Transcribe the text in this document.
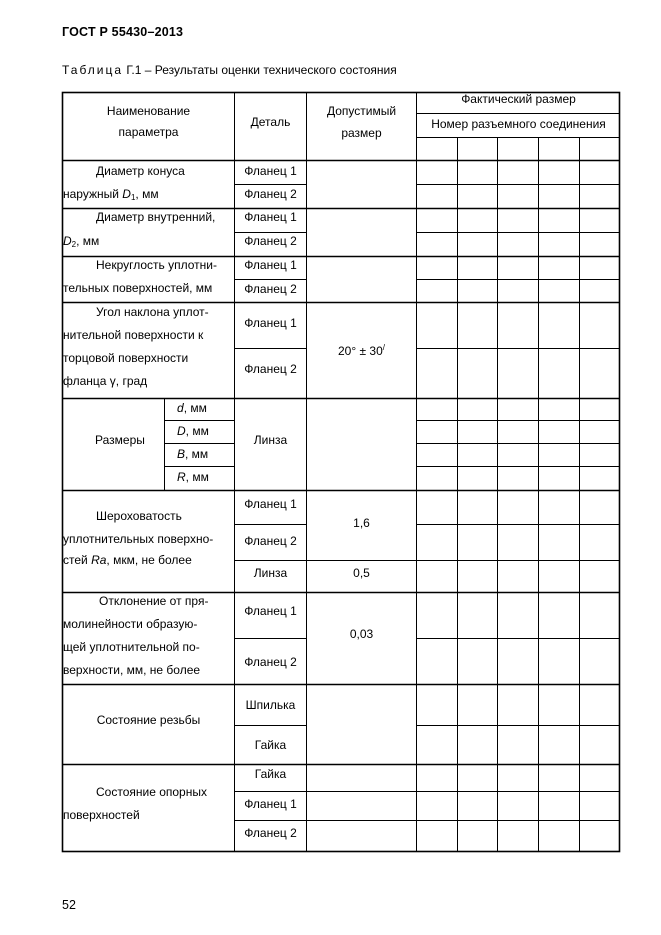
ГОСТ Р 55430–2013
Таблица Г.1 – Результаты оценки технического состояния
Наименование
параметра
Деталь
Допустимый
размер
Фактический размер
Номер разъемного соединения
Диаметр конуса
наружный $D_1$, мм
Фланец 1
Фланец 2
Диаметр внутренний,
$D_2$, мм
Фланец 1
Фланец 2
Некруглость уплотни-
тельных поверхностей, мм
Фланец 1
Фланец 2
Угол наклона уплот-
нительной поверхности к
торцовой поверхности
фланца γ, град
Фланец 1
Фланец 2
20° ± 30/
Размеры
d, мм
D, мм
B, мм
R, мм
Линза
Шероховатость
уплотнительных поверхно-
стей Ra, мкм, не более
Фланец 1
Фланец 2
Линза
1,6
0,5
Отклонение от пря-
молинейности образую-
щей уплотнительной по-
верхности, мм, не более
Фланец 1
Фланец 2
0,03
Состояние резьбы
Шпилька
Гайка
Состояние опорных
поверхностей
Гайка
Фланец 1
Фланец 2
52
